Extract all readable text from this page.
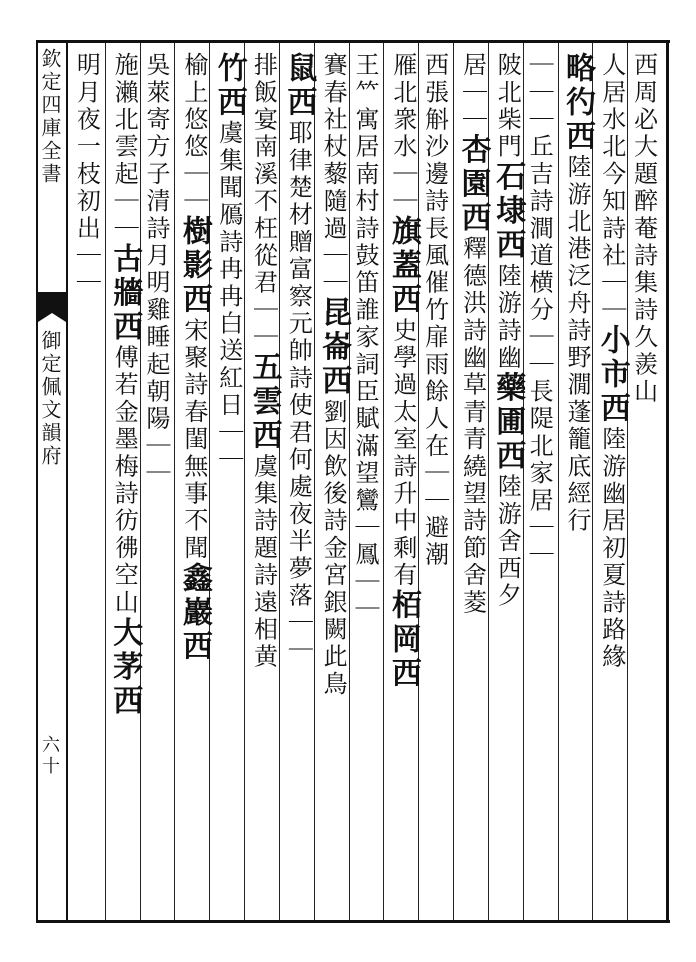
欽定四庫全書
御定佩文韻府
六十
西周必大題醉菴詩集詩久羨山
人居水北今知詩社｜｜小市西陸游幽居初夏詩路緣
略彴西陸游北港泛舟詩野㵎蓬籠底經行
｜｜｜丘吉詩澗道横分｜｜長隄北家居｜｜
陂北柴門石埭西陸游詩幽藥圃西陸游舍西夕
居｜｜杏園西釋德洪詩幽草青青繞望詩節舍菱
西張斛沙邊詩長風催竹扉雨餘人在｜｜避潮
雁北衆水｜｜旗蓋西史學過太室詩升中剩有栢岡西
王𥫗寓居南村詩鼓笛誰家詞臣賦滿望鸞｜鳳｜｜
賽春社杖藜隨過｜｜昆崙西劉因飲後詩金宮銀闕此鳥
鼠西耶律楚材贈富察元帥詩使君何處夜半夢落｜｜
排飯宴南溪不枉從君｜｜五雲西虞集詩題詩遠相黄
竹西虞集聞鴈詩冉冉白送紅日｜｜
榆上悠悠｜｜樹影西宋聚詩春閨無事不聞鑫巖西
吳萊寄方子清詩月明雞睡起朝陽｜｜
施瀨北雲起｜｜古牆西傅若金墨梅詩彷彿空山大茅西
明月夜一枝初出｜｜
